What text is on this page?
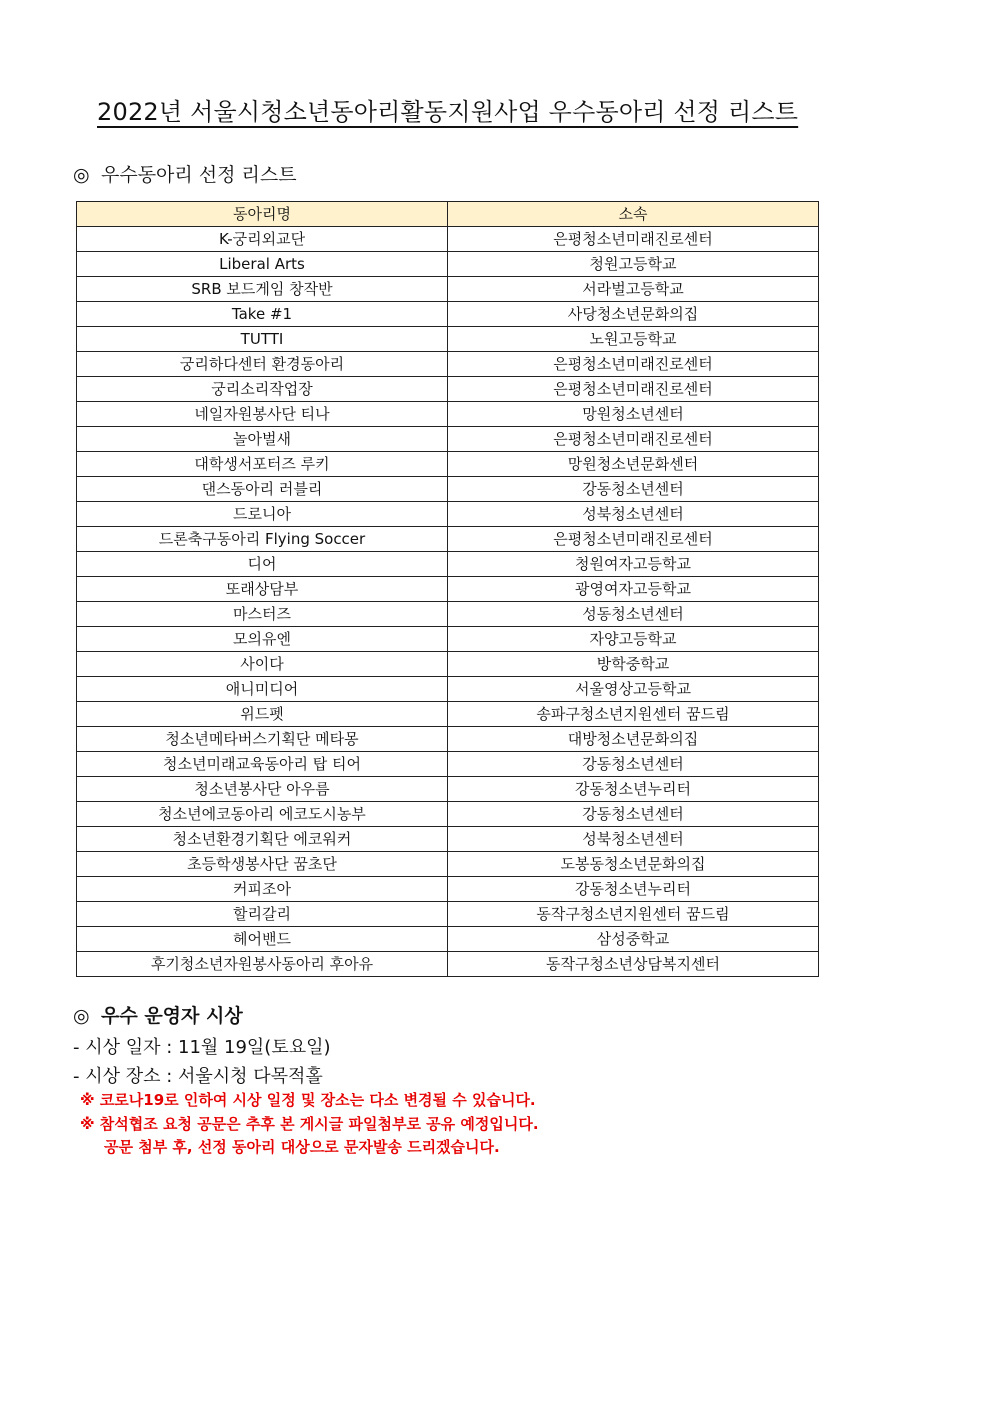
2022년 서울시청소년동아리활동지원사업 우수동아리 선정 리스트
◎ 우수동아리 선정 리스트
동아리명	소속
K-궁리외교단	은평청소년미래진로센터
Liberal Arts	청원고등학교
SRB 보드게임 창작반	서라벌고등학교
Take #1	사당청소년문화의집
TUTTI	노원고등학교
궁리하다센터 환경동아리	은평청소년미래진로센터
궁리소리작업장	은평청소년미래진로센터
네일자원봉사단 티나	망원청소년센터
놀아벌새	은평청소년미래진로센터
대학생서포터즈 루키	망원청소년문화센터
댄스동아리 러블리	강동청소년센터
드로니아	성북청소년센터
드론축구동아리 Flying Soccer	은평청소년미래진로센터
디어	청원여자고등학교
또래상담부	광영여자고등학교
마스터즈	성동청소년센터
모의유엔	자양고등학교
사이다	방학중학교
애니미디어	서울영상고등학교
위드펫	송파구청소년지원센터 꿈드림
청소년메타버스기획단 메타몽	대방청소년문화의집
청소년미래교육동아리 탑 티어	강동청소년센터
청소년봉사단 아우름	강동청소년누리터
청소년에코동아리 에코도시농부	강동청소년센터
청소년환경기획단 에코워커	성북청소년센터
초등학생봉사단 꿈초단	도봉동청소년문화의집
커피조아	강동청소년누리터
할리갈리	동작구청소년지원센터 꿈드림
헤어밴드	삼성중학교
후기청소년자원봉사동아리 후아유	동작구청소년상담복지센터
◎ 우수 운영자 시상
- 시상 일자 : 11월 19일(토요일)
- 시상 장소 : 서울시청 다목적홀
※ 코로나19로 인하여 시상 일정 및 장소는 다소 변경될 수 있습니다.
※ 참석협조 요청 공문은 추후 본 게시글 파일첨부로 공유 예정입니다.
공문 첨부 후, 선정 동아리 대상으로 문자발송 드리겠습니다.
